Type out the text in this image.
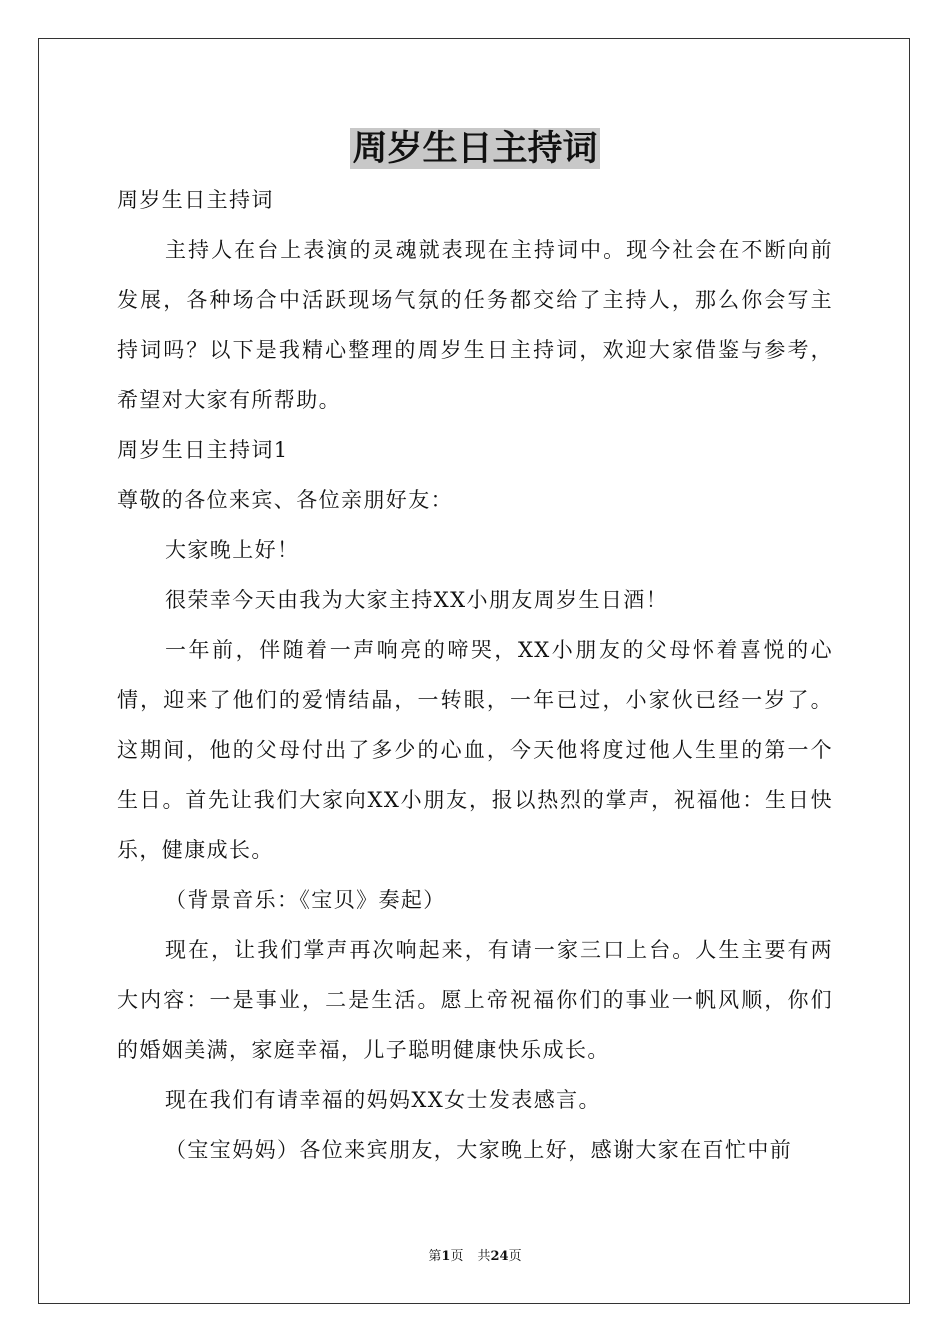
周岁生日主持词

周岁生日主持词

主持人在台上表演的灵魂就表现在主持词中。现今社会在不断向前发展，各种场合中活跃现场气氛的任务都交给了主持人，那么你会写主持词吗？以下是我精心整理的周岁生日主持词，欢迎大家借鉴与参考，希望对大家有所帮助。

周岁生日主持词1

尊敬的各位来宾、各位亲朋好友：

大家晚上好！

很荣幸今天由我为大家主持XX小朋友周岁生日酒！

一年前，伴随着一声响亮的啼哭，XX小朋友的父母怀着喜悦的心情，迎来了他们的爱情结晶，一转眼，一年已过，小家伙已经一岁了。这期间，他的父母付出了多少的心血，今天他将度过他人生里的第一个生日。首先让我们大家向XX小朋友，报以热烈的掌声，祝福他：生日快乐，健康成长。

（背景音乐：《宝贝》奏起）

现在，让我们掌声再次响起来，有请一家三口上台。人生主要有两大内容：一是事业，二是生活。愿上帝祝福你们的事业一帆风顺，你们的婚姻美满，家庭幸福，儿子聪明健康快乐成长。

现在我们有请幸福的妈妈XX女士发表感言。

（宝宝妈妈）各位来宾朋友，大家晚上好，感谢大家在百忙中前

第1页 共24页
